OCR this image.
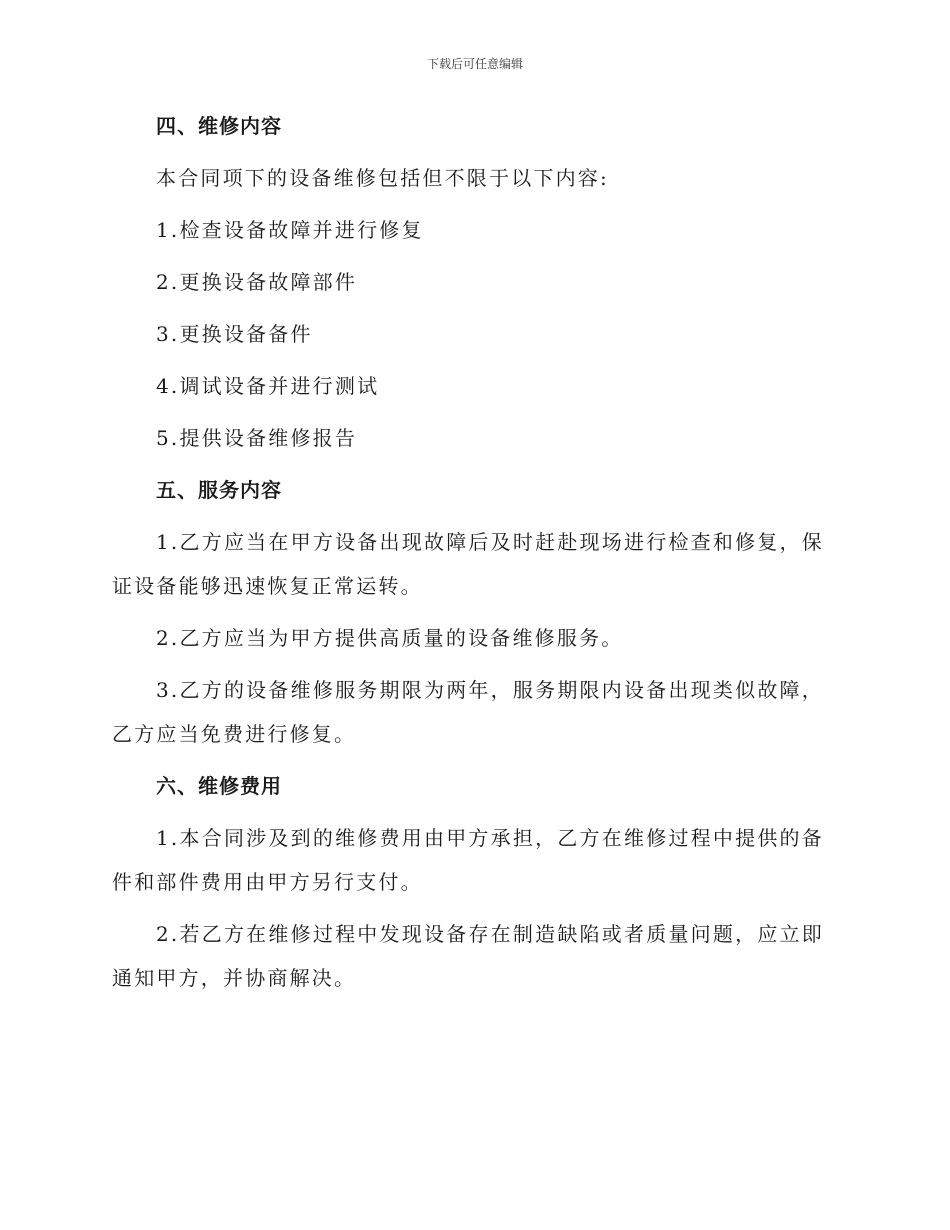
下载后可任意编辑
四、维修内容

本合同项下的设备维修包括但不限于以下内容:

1.检查设备故障并进行修复

2.更换设备故障部件

3.更换设备备件

4.调试设备并进行测试

5.提供设备维修报告

五、服务内容

1.乙方应当在甲方设备出现故障后及时赶赴现场进行检查和修复，保证设备能够迅速恢复正常运转。

2.乙方应当为甲方提供高质量的设备维修服务。

3.乙方的设备维修服务期限为两年，服务期限内设备出现类似故障，乙方应当免费进行修复。

六、维修费用

1.本合同涉及到的维修费用由甲方承担，乙方在维修过程中提供的备件和部件费用由甲方另行支付。

2.若乙方在维修过程中发现设备存在制造缺陷或者质量问题，应立即通知甲方，并协商解决。
